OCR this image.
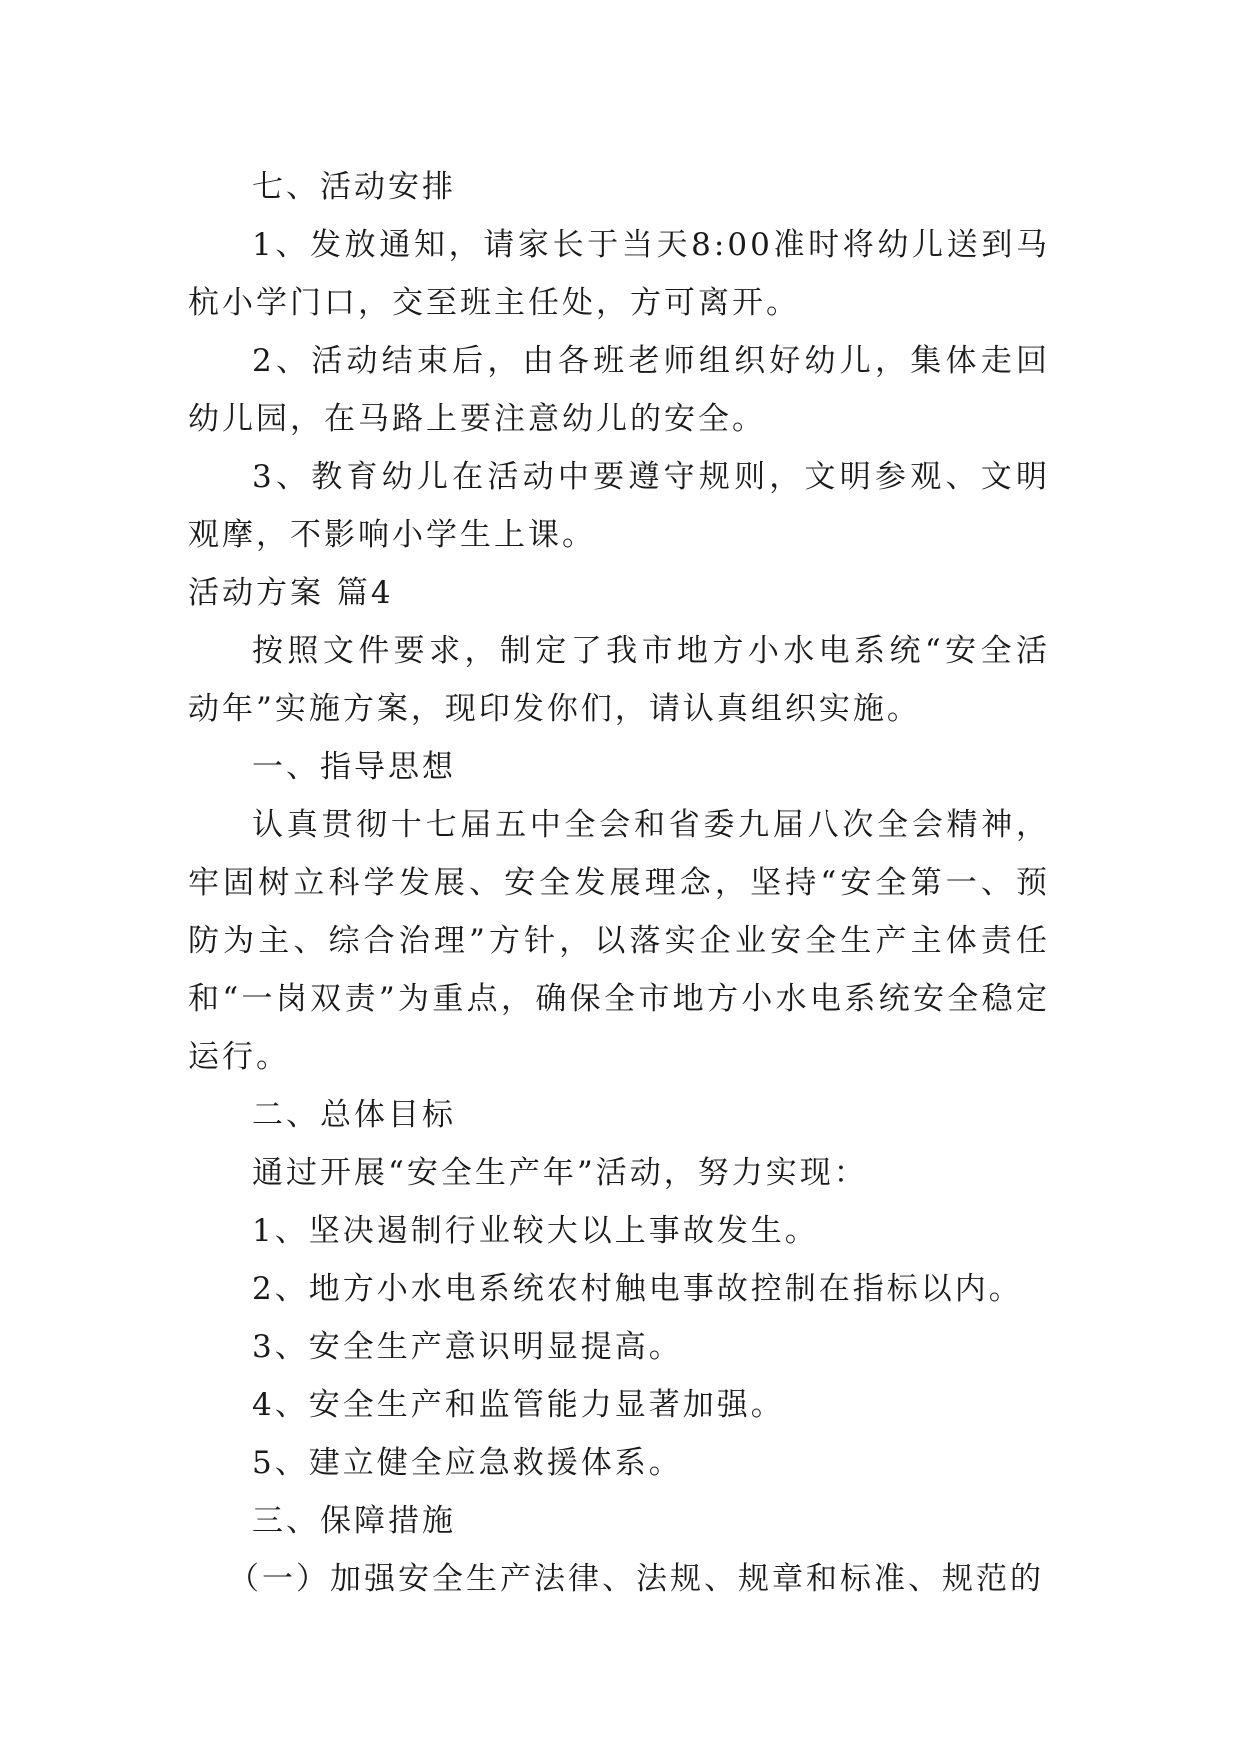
七、活动安排

1、发放通知，请家长于当天8:00准时将幼儿送到马杭小学门口，交至班主任处，方可离开。

2、活动结束后，由各班老师组织好幼儿，集体走回幼儿园，在马路上要注意幼儿的安全。

3、教育幼儿在活动中要遵守规则，文明参观、文明观摩，不影响小学生上课。

活动方案 篇4

按照文件要求，制定了我市地方小水电系统“安全活动年”实施方案，现印发你们，请认真组织实施。

一、指导思想

认真贯彻十七届五中全会和省委九届八次全会精神，牢固树立科学发展、安全发展理念，坚持“安全第一、预防为主、综合治理”方针，以落实企业安全生产主体责任和“一岗双责”为重点，确保全市地方小水电系统安全稳定运行。

二、总体目标

通过开展“安全生产年”活动，努力实现：

1、坚决遏制行业较大以上事故发生。

2、地方小水电系统农村触电事故控制在指标以内。

3、安全生产意识明显提高。

4、安全生产和监管能力显著加强。

5、建立健全应急救援体系。

三、保障措施

（一）加强安全生产法律、法规、规章和标准、规范的
